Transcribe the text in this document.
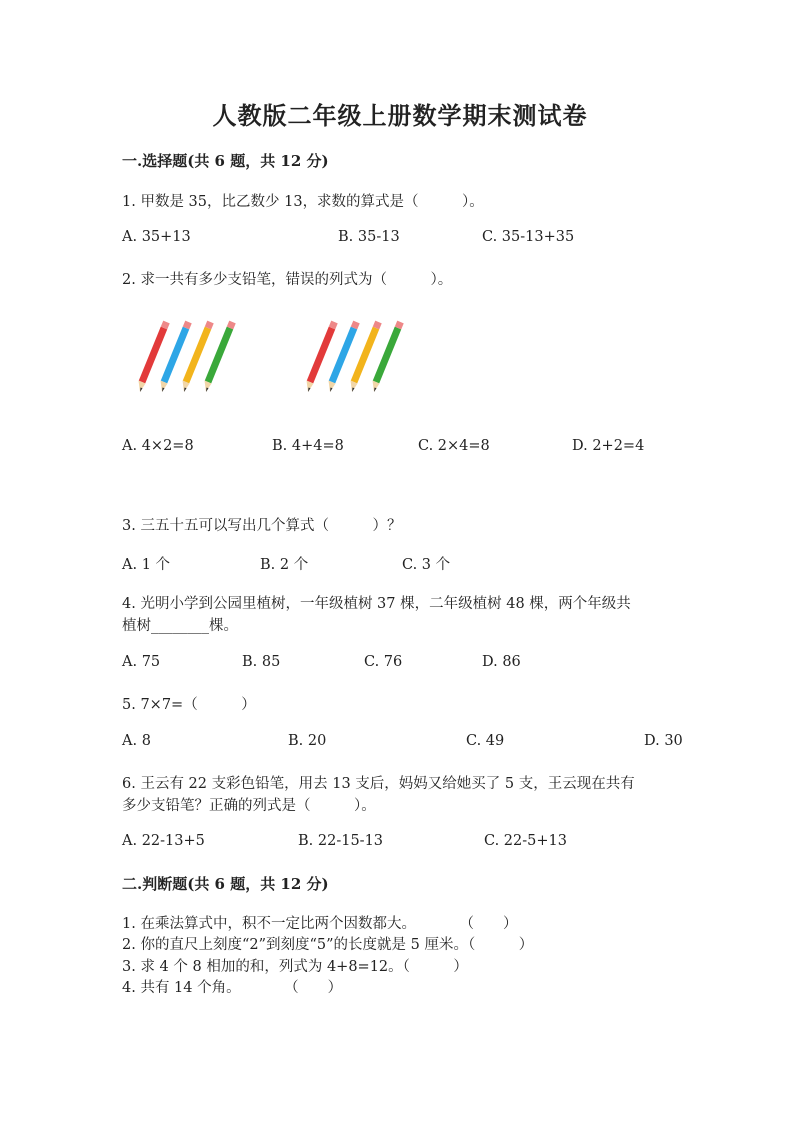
人教版二年级上册数学期末测试卷
一.选择题(共 6 题，共 12 分)
1. 甲数是 35，比乙数少 13，求数的算式是（　　　）。
A. 35+13	B. 35-13	C. 35-13+35
2. 求一共有多少支铅笔，错误的列式为（　　　）。
A. 4×2=8	B. 4+4=8	C. 2×4=8	D. 2+2=4
3. 三五十五可以写出几个算式（　　　）？
A. 1 个	B. 2 个	C. 3 个
4. 光明小学到公园里植树，一年级植树 37 棵，二年级植树 48 棵，两个年级共
植树________棵。
A. 75	B. 85	C. 76	D. 86
5. 7×7=（　　　）
A. 8	B. 20	C. 49	D. 30
6. 王云有 22 支彩色铅笔，用去 13 支后，妈妈又给她买了 5 支，王云现在共有
多少支铅笔？正确的列式是（　　　）。
A. 22-13+5	B. 22-15-13	C. 22-5+13
二.判断题(共 6 题，共 12 分)
1. 在乘法算式中，积不一定比两个因数都大。　　　　（　　）
2. 你的直尺上刻度“2”到刻度“5”的长度就是 5 厘米。（　　　）
3. 求 4 个 8 相加的和，列式为 4+8=12。（　　　）
4. 共有 14 个角。　　　　（　　）
